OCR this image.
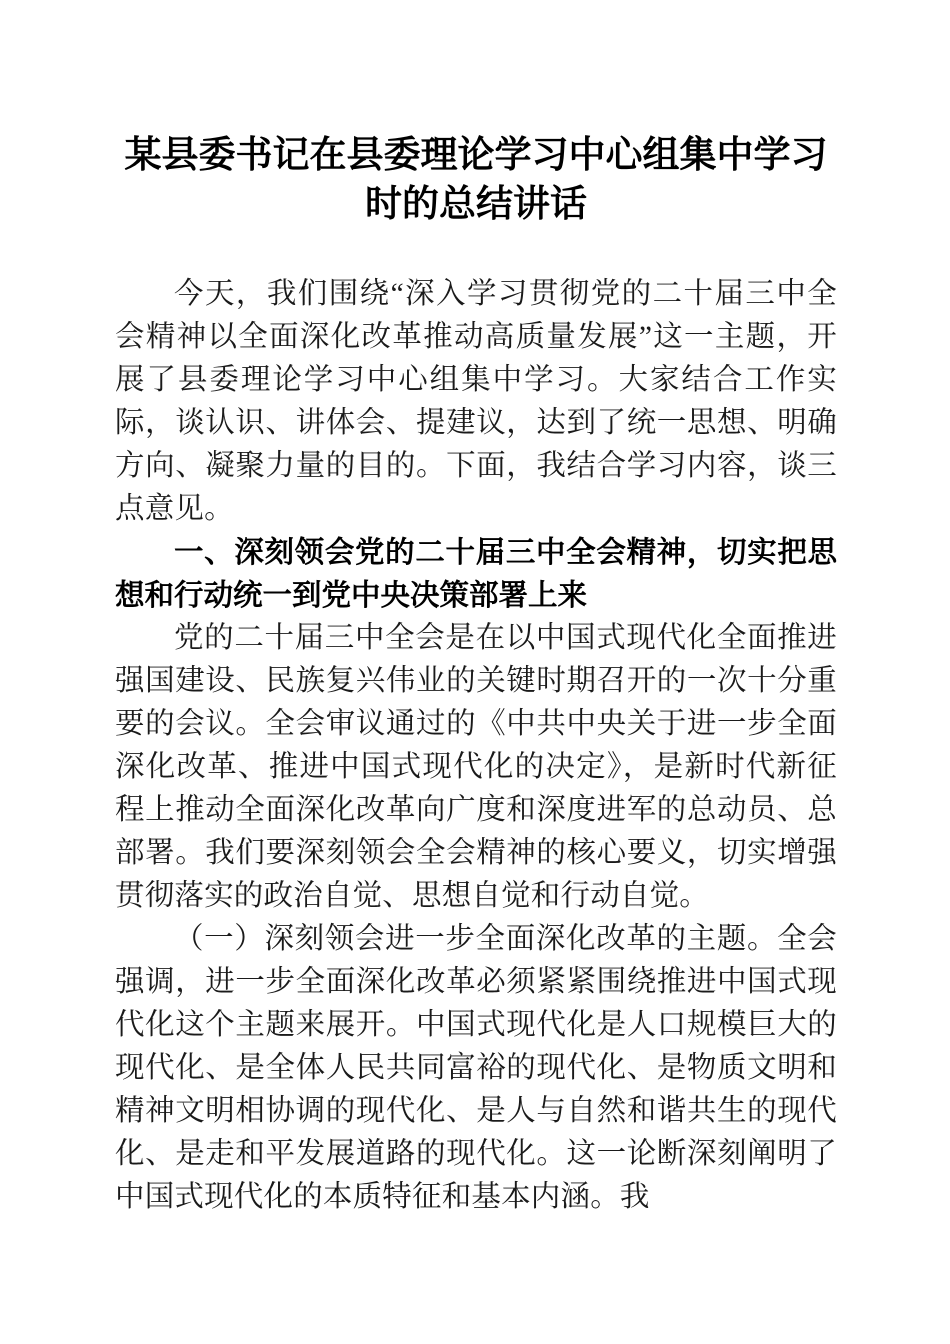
某县委书记在县委理论学习中心组集中学习时的总结讲话

今天，我们围绕“深入学习贯彻党的二十届三中全会精神以全面深化改革推动高质量发展”这一主题，开展了县委理论学习中心组集中学习。大家结合工作实际，谈认识、讲体会、提建议，达到了统一思想、明确方向、凝聚力量的目的。下面，我结合学习内容，谈三点意见。

一、深刻领会党的二十届三中全会精神，切实把思想和行动统一到党中央决策部署上来

党的二十届三中全会是在以中国式现代化全面推进强国建设、民族复兴伟业的关键时期召开的一次十分重要的会议。全会审议通过的《中共中央关于进一步全面深化改革、推进中国式现代化的决定》，是新时代新征程上推动全面深化改革向广度和深度进军的总动员、总部署。我们要深刻领会全会精神的核心要义，切实增强贯彻落实的政治自觉、思想自觉和行动自觉。

（一）深刻领会进一步全面深化改革的主题。全会强调，进一步全面深化改革必须紧紧围绕推进中国式现代化这个主题来展开。中国式现代化是人口规模巨大的现代化、是全体人民共同富裕的现代化、是物质文明和精神文明相协调的现代化、是人与自然和谐共生的现代化、是走和平发展道路的现代化。这一论断深刻阐明了中国式现代化的本质特征和基本内涵。我
